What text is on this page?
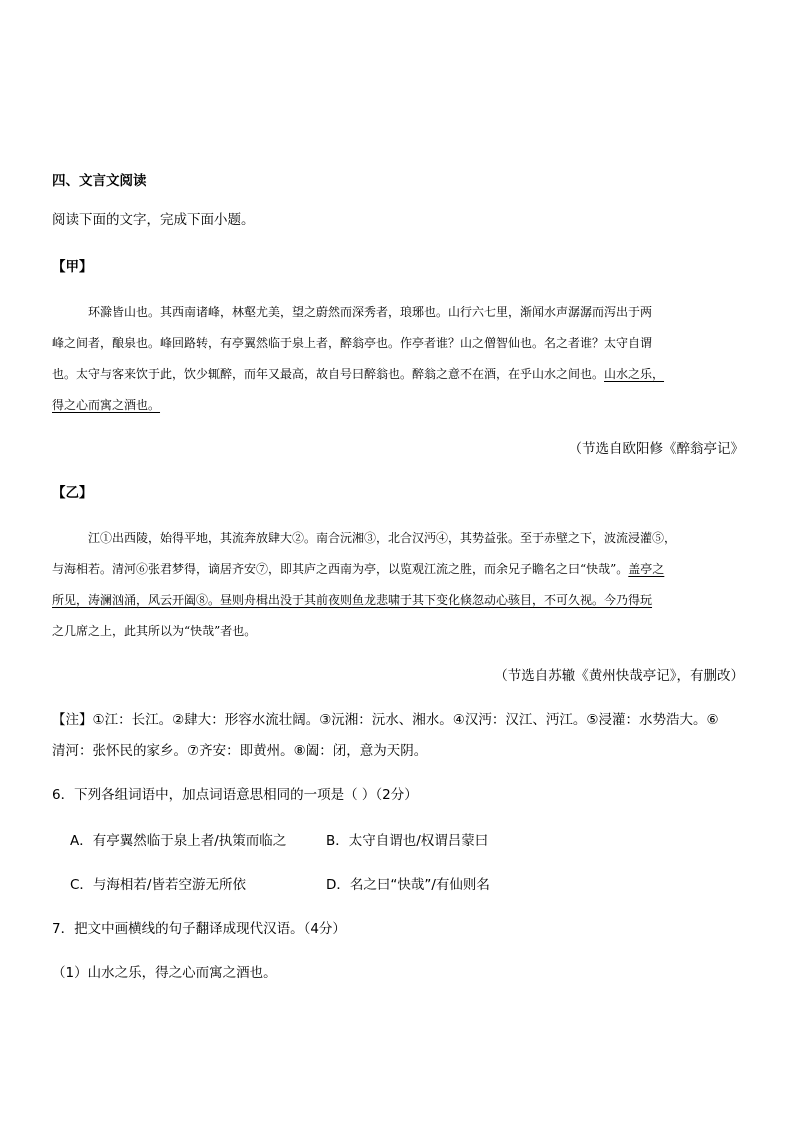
四、文言文阅读
阅读下面的文字，完成下面小题。
【甲】
环滁皆山也。其西南诸峰，林壑尤美，望之蔚然而深秀者，琅琊也。山行六七里，渐闻水声潺潺而泻出于两
峰之间者，酿泉也。峰回路转，有亭翼然临于泉上者，醉翁亭也。作亭者谁？山之僧智仙也。名之者谁？太守自谓
也。太守与客来饮于此，饮少辄醉，而年又最高，故自号曰醉翁也。醉翁之意不在酒，在乎山水之间也。山水之乐，
得之心而寓之酒也。
（节选自欧阳修《醉翁亭记》
【乙】
江①出西陵，始得平地，其流奔放肆大②。南合沅湘③，北合汉沔④，其势益张。至于赤壁之下，波流浸灌⑤，
与海相若。清河⑥张君梦得，谪居齐安⑦，即其庐之西南为亭，以览观江流之胜，而余兄子瞻名之曰“快哉”。盖亭之
所见，涛澜汹涌，风云开阖⑧。昼则舟楫出没于其前夜则鱼龙悲啸于其下变化倏忽动心骇目，不可久视。今乃得玩
之几席之上，此其所以为“快哉”者也。
（节选自苏辙《黄州快哉亭记》，有删改）
【注】①江：长江。②肆大：形容水流壮阔。③沅湘：沅水、湘水。④汉沔：汉江、沔江。⑤浸灌：水势浩大。⑥
清河：张怀民的家乡。⑦齐安：即黄州。⑧阖：闭，意为天阴。
6．下列各组词语中，加点词语意思相同的一项是（ ）（2分）
A．有亭翼然临于泉上者/执策而临之	B．太守自谓也/权谓吕蒙曰
C．与海相若/皆若空游无所依	D．名之曰“快哉”/有仙则名
7．把文中画横线的句子翻译成现代汉语。（4分）
（1）山水之乐，得之心而寓之酒也。
